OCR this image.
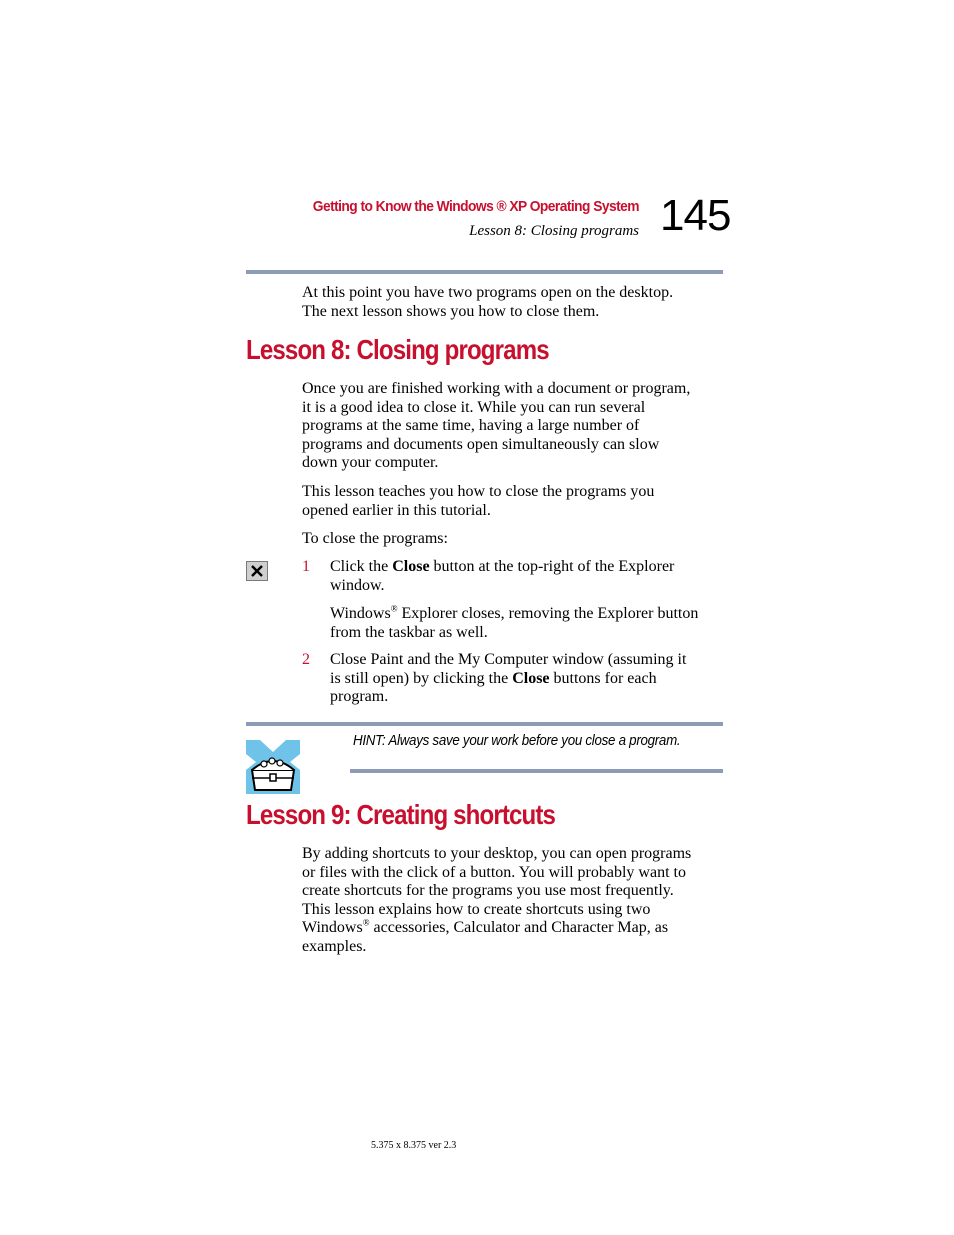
Getting to Know the Windows ® XP Operating System
Lesson 8: Closing programs 145

At this point you have two programs open on the desktop.

The next lesson shows you how to close them.

Lesson 8: Closing programs

Once you are finished working with a document or program,

it is a good idea to close it. While you can run several

programs at the same time, having a large number of

programs and documents open simultaneously can slow

down your computer.

This lesson teaches you how to close the programs you

opened earlier in this tutorial.

To close the programs:
1 Click the Close button at the top-right of the Explorer

window.

Windows® Explorer closes, removing the Explorer button

from the taskbar as well.

2 Close Paint and the My Computer window (assuming it

is still open) by clicking the Close buttons for each

program.

HINT: Always save your work before you close a program.
Lesson 9: Creating shortcuts

By adding shortcuts to your desktop, you can open programs

or files with the click of a button. You will probably want to

create shortcuts for the programs you use most frequently.

This lesson explains how to create shortcuts using two

Windows® accessories, Calculator and Character Map, as

examples.

5.375 x 8.375 ver 2.3
